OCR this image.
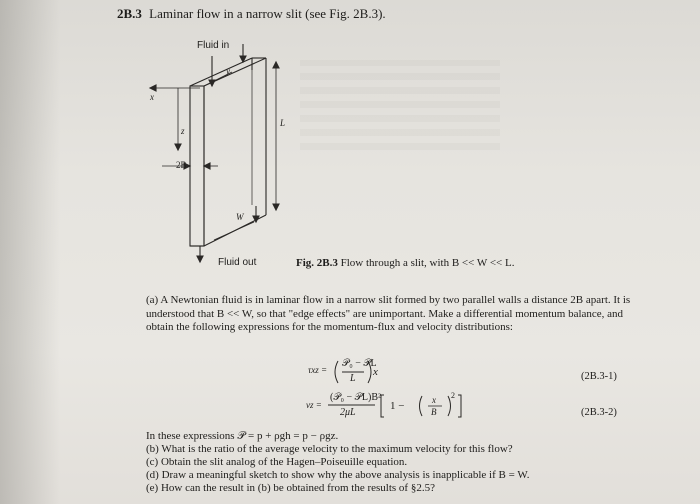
2B.3 Laminar flow in a narrow slit (see Fig. 2B.3).
Fluid in
Fluid out
2B
L
W
x
z
y
Fig. 2B.3 Flow through a slit, with B << W << L.
(a) A Newtonian fluid is in laminar flow in a narrow slit formed by two parallel walls a distance 2B apart. It is understood that B << W, so that "edge effects" are unimportant. Make a differential momentum balance, and obtain the following expressions for the momentum-flux and velocity distributions:
τxz =
𝒫₀ − 𝒫L
L
x	(2B.3-1)
vz =
(𝒫₀ − 𝒫L)B²
2μL
1 −	x
B
2
(2B.3-2)
In these expressions 𝒫 = p + ρgh = p − ρgz.
(b) What is the ratio of the average velocity to the maximum velocity for this flow?
(c) Obtain the slit analog of the Hagen–Poiseuille equation.
(d) Draw a meaningful sketch to show why the above analysis is inapplicable if B = W.
(e) How can the result in (b) be obtained from the results of §2.5?
